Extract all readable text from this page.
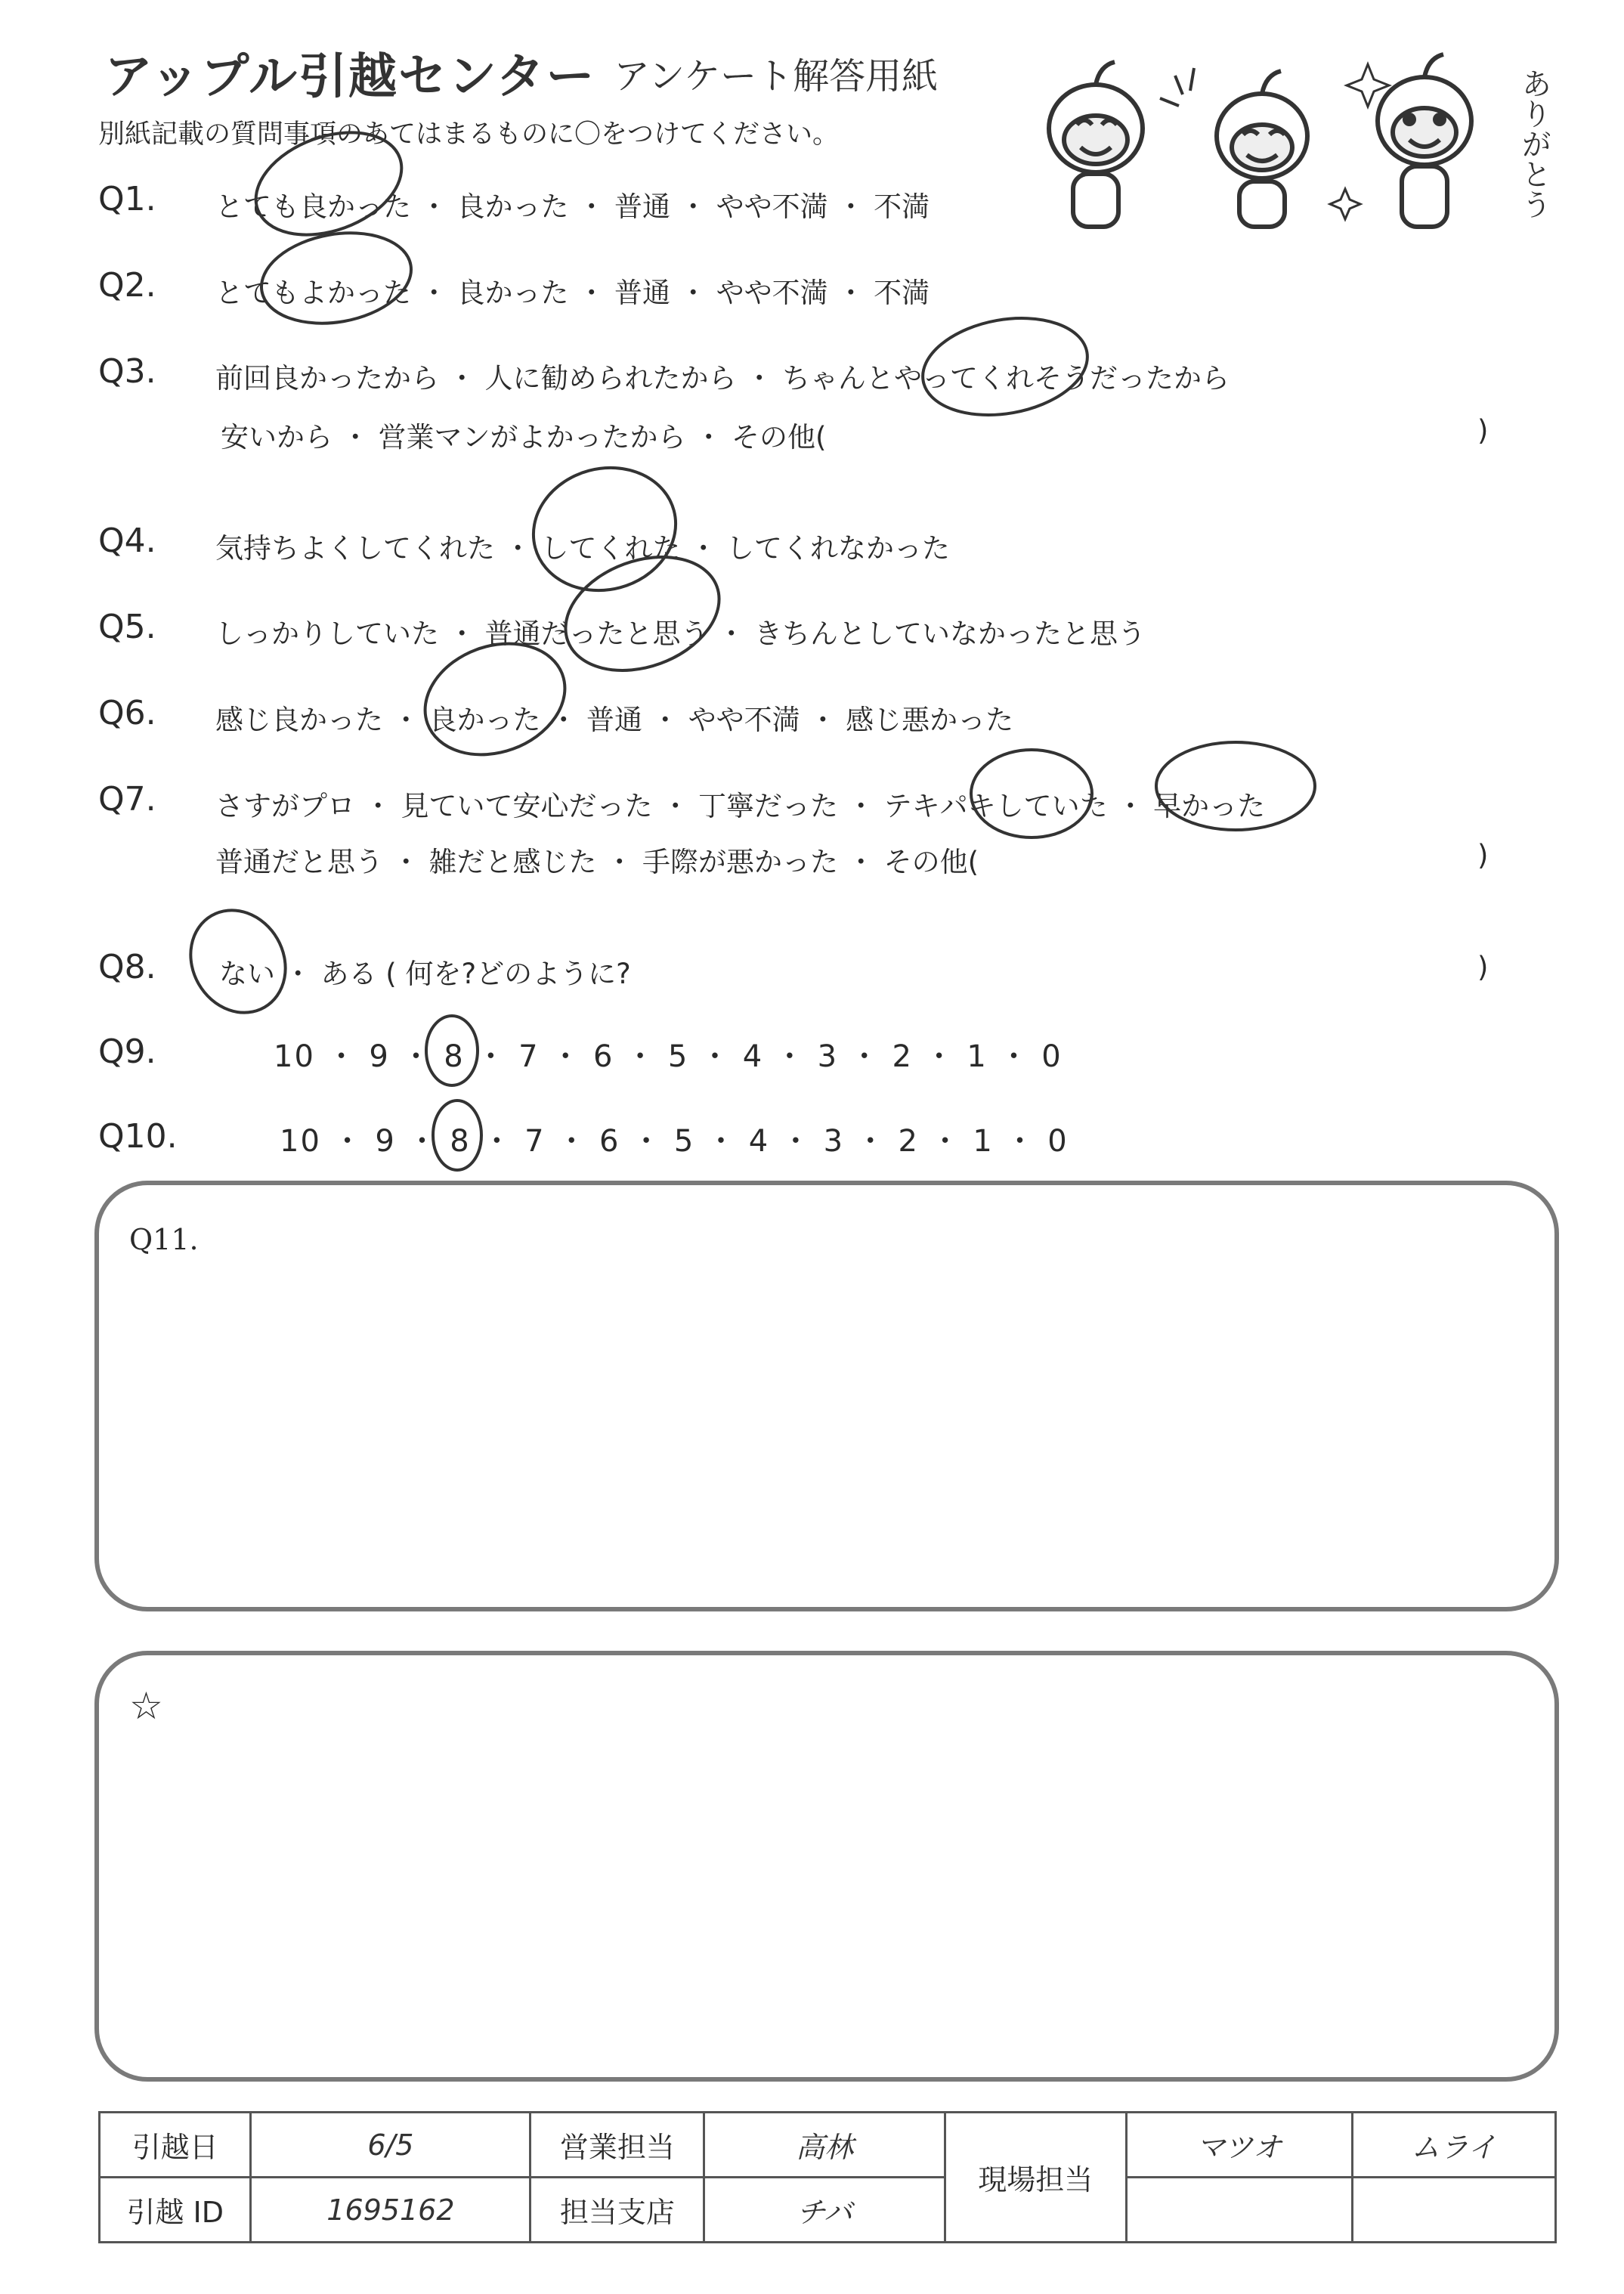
アップル引越センター アンケート解答用紙
別紙記載の質問事項のあてはまるものに〇をつけてください。	ありがとう
Q1. とても良かった ・ 良かった ・ 普通 ・ やや不満 ・ 不満
Q2. とてもよかった ・ 良かった ・ 普通 ・ やや不満 ・ 不満
Q3. 前回良かったから ・ 人に勧められたから ・ ちゃんとやってくれそうだったから
安いから ・ 営業マンがよかったから ・ その他(	)
Q4. 気持ちよくしてくれた ・ してくれた ・ してくれなかった
Q5. しっかりしていた ・ 普通だったと思う ・ きちんとしていなかったと思う
Q6. 感じ良かった ・ 良かった ・ 普通 ・ やや不満 ・ 感じ悪かった
Q7. さすがプロ ・ 見ていて安心だった ・ 丁寧だった ・ テキパキしていた ・ 早かった
普通だと思う ・ 雑だと感じた ・ 手際が悪かった ・ その他(	)
Q8. ない ・ ある ( 何を?どのように?	)
Q9.	10 ・ 9 ・ 8 ・ 7 ・ 6 ・ 5 ・ 4 ・ 3 ・ 2 ・ 1 ・ 0
Q10.	10 ・ 9 ・ 8 ・ 7 ・ 6 ・ 5 ・ 4 ・ 3 ・ 2 ・ 1 ・ 0
Q11.
☆
引越日	6/5	営業担当	高林	現場担当	マツオ	ムライ
引越 ID	1695162	担当支店	チバ			
